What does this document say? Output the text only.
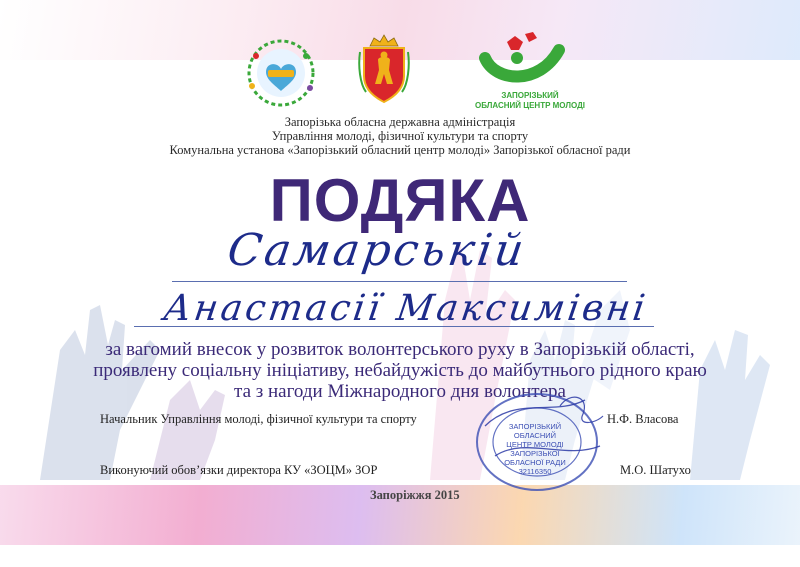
ЗАПОРІЗЬКИЙ
ОБЛАСНИЙ ЦЕНТР МОЛОДІ
Запорізька обласна державна адміністрація
Управління молоді, фізичної культури та спорту
Комунальна установа «Запорізький обласний центр молоді» Запорізької обласної ради
ПОДЯКА
Самарській
Анастасії Максимівні
за вагомий внесок у розвиток волонтерського руху в Запорізькій області,
проявлену соціальну ініціативу, небайдужість до майбутнього рідного краю
та з нагоди Міжнародного дня волонтера
Начальник Управління молоді, фізичної культури та спорту	Н.Ф. Власова
Виконуючий обов’язки директора КУ «ЗОЦМ» ЗОР	М.О. Шатухо
ЗАПОРІЗЬКИЙ
ОБЛАСНИЙ
ЦЕНТР МОЛОДІ
ЗАПОРІЗЬКОЇ
ОБЛАСНОЇ РАДИ
32116350
Запоріжжя 2015
